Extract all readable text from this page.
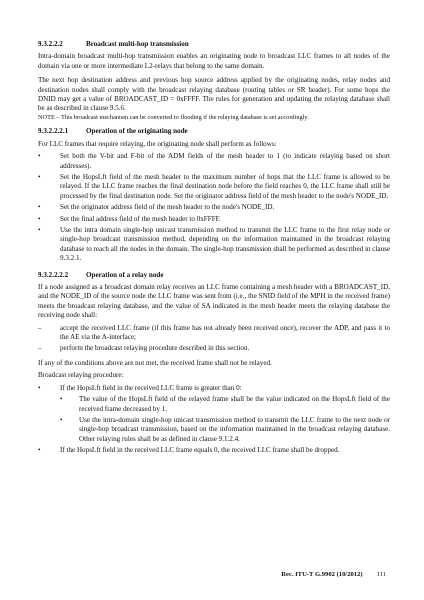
9.3.2.2.2	Broadcast multi-hop transmission

Intra-domain broadcast multi-hop transmission enables an originating node to broadcast LLC frames to all nodes of the domain via one or more intermediate L2-relays that belong to the same domain.

The next hop destination address and previous hop source address applied by the originating nodes, relay nodes and destination nodes shall comply with the broadcast relaying database (routing tables or SR header). For some hops the DNID may get a value of BROADCAST_ID = 0xFFFF. The rules for generation and updating the relaying database shall be as described in clause 9.5.6.

NOTE – This broadcast mechanism can be converted to flooding if the relaying database is set accordingly.

9.3.2.2.2.1	Operation of the originating node

For LLC frames that require relaying, the originating node shall perform as follows:

•	Set both the V-bit and F-bit of the ADM fields of the mesh header to 1 (to indicate relaying based on short addresses).
•	Set the HopsLft field of the mesh header to the maximum number of hops that the LLC frame is allowed to be relayed. If the LLC frame reaches the final destination node before the field reaches 0, the LLC frame shall still be processed by the final destination node. Set the originator address field of the mesh header to the node's NODE_ID.
•	Set the originator address field of the mesh header to the node's NODE_ID.
•	Set the final address field of the mesh header to 0xFFFF.
•	Use the intra domain single-hop unicast transmission method to transmit the LLC frame to the first relay node or single-hop broadcast transmission method, depending on the information maintained in the broadcast relaying database to reach all the nodes in the domain. The single-hop transmission shall be performed as described in clause 9.3.2.1.
9.3.2.2.2.2	Operation of a relay node

If a node assigned as a broadcast domain relay receives an LLC frame containing a mesh header with a BROADCAST_ID, and the NODE_ID of the source node the LLC frame was sent from (i.e., the SNID field of the MPH in the received frame) meets the broadcast relaying database, and the value of SA indicated in the mesh header meets the relaying database the receiving node shall:

–	accept the received LLC frame (if this frame has not already been received once), recover the ADP, and pass it to the AE via the A-interface;
–	perform the broadcast relaying procedure described in this section.

If any of the conditions above are not met, the received frame shall not be relayed.

Broadcast relaying procedure:

•	If the HopsLft field in the received LLC frame is greater than 0:
• The value of the HopsLft field of the relayed frame shall be the value indicated on the HopsLft field of the received frame decreased by 1.
• Use the intra-domain single-hop unicast transmission method to transmit the LLC frame to the next node or single-hop broadcast transmission, based on the information maintained in the broadcast relaying database. Other relaying rules shall be as defined in clause 9.1.2.4.
•	If the HopsLft field in the received LLC frame equals 0, the received LLC frame shall be dropped.
Rec. ITU-T G.9902 (10/2012) 111
